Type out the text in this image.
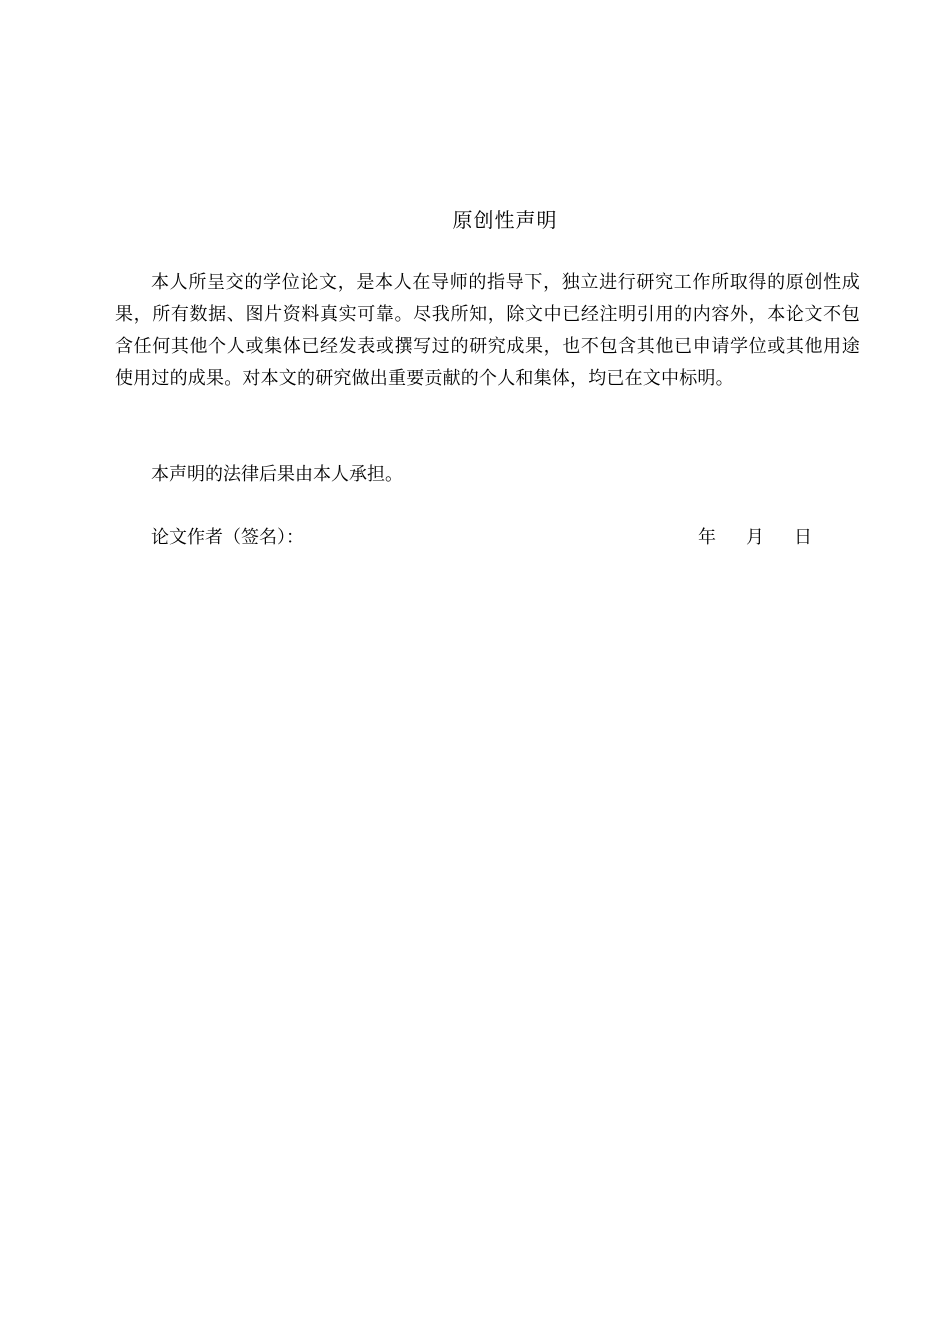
原创性声明
本人所呈交的学位论文，是本人在导师的指导下，独立进行研究工作所取得的原创性成果，所有数据、图片资料真实可靠。尽我所知，除文中已经注明引用的内容外，本论文不包含任何其他个人或集体已经发表或撰写过的研究成果，也不包含其他已申请学位或其他用途使用过的成果。对本文的研究做出重要贡献的个人和集体，均已在文中标明。
本声明的法律后果由本人承担。
论文作者（签名）：	年 月 日
